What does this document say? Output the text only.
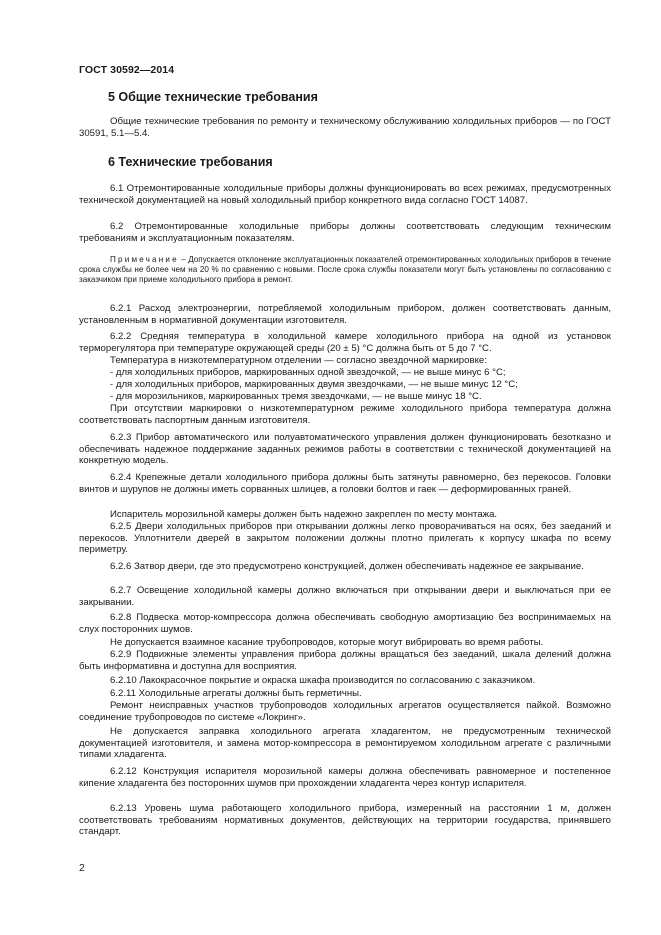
ГОСТ 30592—2014
5 Общие технические требования
Общие технические требования по ремонту и техническому обслуживанию холодильных приборов — по ГОСТ 30591, 5.1—5.4.
6 Технические требования
6.1 Отремонтированные холодильные приборы должны функционировать во всех режимах, предусмотренных технической документацией на новый холодильный прибор конкретного вида согласно ГОСТ 14087.
6.2 Отремонтированные холодильные приборы должны соответствовать следующим техническим требованиям и эксплуатационным показателям.
Примечание – Допускается отклонение эксплуатационных показателей отремонтированных холодильных приборов в течение срока службы не более чем на 20 % по сравнению с новыми. После срока службы показатели могут быть установлены по согласованию с заказчиком при приеме холодильного прибора в ремонт.
6.2.1 Расход электроэнергии, потребляемой холодильным прибором, должен соответствовать данным, установленным в нормативной документации изготовителя.
6.2.2 Средняя температура в холодильной камере холодильного прибора на одной из установок терморегулятора при температуре окружающей среды (20 ± 5) °С должна быть от 5 до 7 °С.
Температура в низкотемпературном отделении — согласно звездочной маркировке:
- для холодильных приборов, маркированных одной звездочкой, — не выше минус 6 °С;
- для холодильных приборов, маркированных двумя звездочками, — не выше минус 12 °С;
- для морозильников, маркированных тремя звездочками, — не выше минус 18 °С.
При отсутствии маркировки о низкотемпературном режиме холодильного прибора температура должна соответствовать паспортным данным изготовителя.
6.2.3 Прибор автоматического или полуавтоматического управления должен функционировать безотказно и обеспечивать надежное поддержание заданных режимов работы в соответствии с технической документацией на конкретную модель.
6.2.4 Крепежные детали холодильного прибора должны быть затянуты равномерно, без перекосов. Головки винтов и шурупов не должны иметь сорванных шлицев, а головки болтов и гаек — деформированных граней.
Испаритель морозильной камеры должен быть надежно закреплен по месту монтажа.
6.2.5 Двери холодильных приборов при открывании должны легко проворачиваться на осях, без заеданий и перекосов. Уплотнители дверей в закрытом положении должны плотно прилегать к корпусу шкафа по всему периметру.
6.2.6 Затвор двери, где это предусмотрено конструкцией, должен обеспечивать надежное ее закрывание.
6.2.7 Освещение холодильной камеры должно включаться при открывании двери и выключаться при ее закрывании.
6.2.8 Подвеска мотор-компрессора должна обеспечивать свободную амортизацию без воспринимаемых на слух посторонних шумов.
Не допускается взаимное касание трубопроводов, которые могут вибрировать во время работы.
6.2.9 Подвижные элементы управления прибора должны вращаться без заеданий, шкала делений должна быть информативна и доступна для восприятия.
6.2.10 Лакокрасочное покрытие и окраска шкафа производится по согласованию с заказчиком.
6.2.11 Холодильные агрегаты должны быть герметичны.
Ремонт неисправных участков трубопроводов холодильных агрегатов осуществляется пайкой. Возможно соединение трубопроводов по системе «Локринг».
Не допускается заправка холодильного агрегата хладагентом, не предусмотренным технической документацией изготовителя, и замена мотор-компрессора в ремонтируемом холодильном агрегате с различными типами хладагента.
6.2.12 Конструкция испарителя морозильной камеры должна обеспечивать равномерное и постепенное кипение хладагента без посторонних шумов при прохождении хладагента через контур испарителя.
6.2.13 Уровень шума работающего холодильного прибора, измеренный на расстоянии 1 м, должен соответствовать требованиям нормативных документов, действующих на территории государства, принявшего стандарт.
2
